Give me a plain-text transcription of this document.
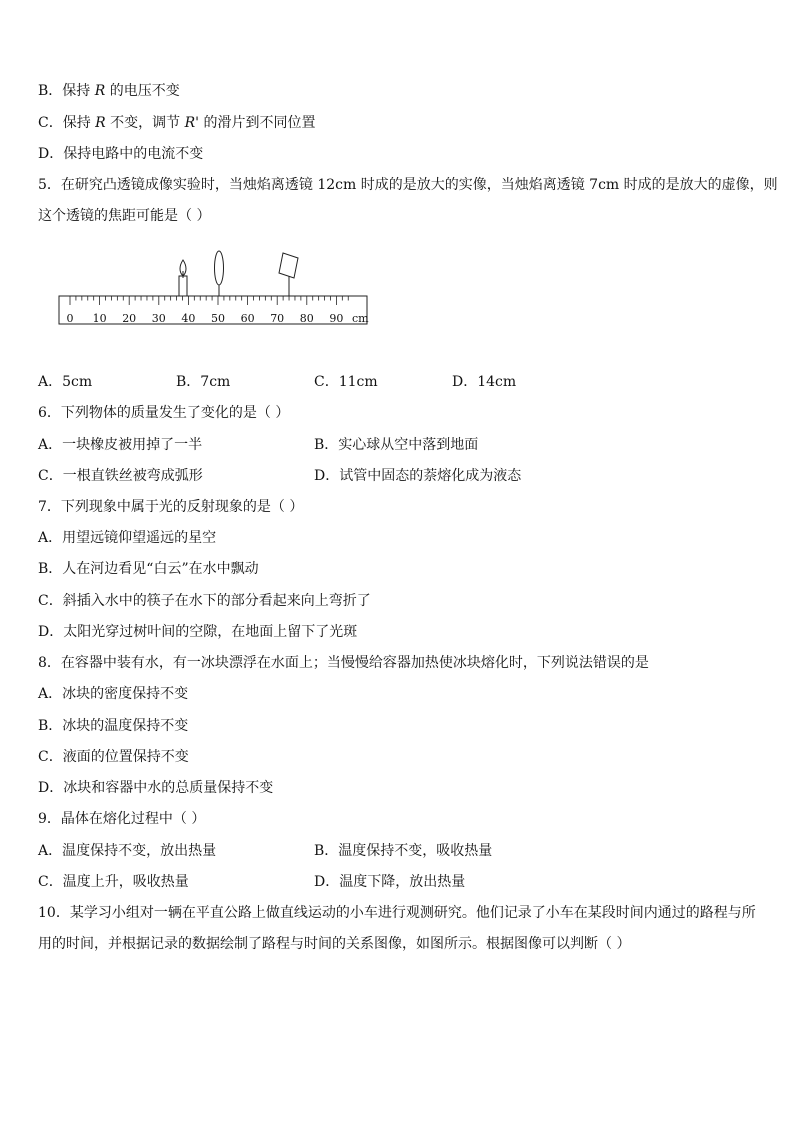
B．保持 R 的电压不变
C．保持 R 不变，调节 R' 的滑片到不同位置
D．保持电路中的电流不变
5．在研究凸透镜成像实验时，当烛焰离透镜 12cm 时成的是放大的实像，当烛焰离透镜 7cm 时成的是放大的虚像，则
这个透镜的焦距可能是（ ）
0 10 20 30 40 50 60 70 80 90 cm
A．5cm	B．7cm	C．11cm	D．14cm
6．下列物体的质量发生了变化的是（ ）
A．一块橡皮被用掉了一半	B．实心球从空中落到地面
C．一根直铁丝被弯成弧形	D．试管中固态的萘熔化成为液态
7．下列现象中属于光的反射现象的是（ ）
A．用望远镜仰望遥远的星空
B．人在河边看见“白云”在水中飘动
C．斜插入水中的筷子在水下的部分看起来向上弯折了
D．太阳光穿过树叶间的空隙，在地面上留下了光斑
8．在容器中装有水，有一冰块漂浮在水面上；当慢慢给容器加热使冰块熔化时，下列说法错误的是
A．冰块的密度保持不变
B．冰块的温度保持不变
C．液面的位置保持不变
D．冰块和容器中水的总质量保持不变
9．晶体在熔化过程中（ ）
A．温度保持不变，放出热量	B．温度保持不变，吸收热量
C．温度上升，吸收热量	D．温度下降，放出热量
10．某学习小组对一辆在平直公路上做直线运动的小车进行观测研究。他们记录了小车在某段时间内通过的路程与所
用的时间，并根据记录的数据绘制了路程与时间的关系图像，如图所示。根据图像可以判断（ ）
